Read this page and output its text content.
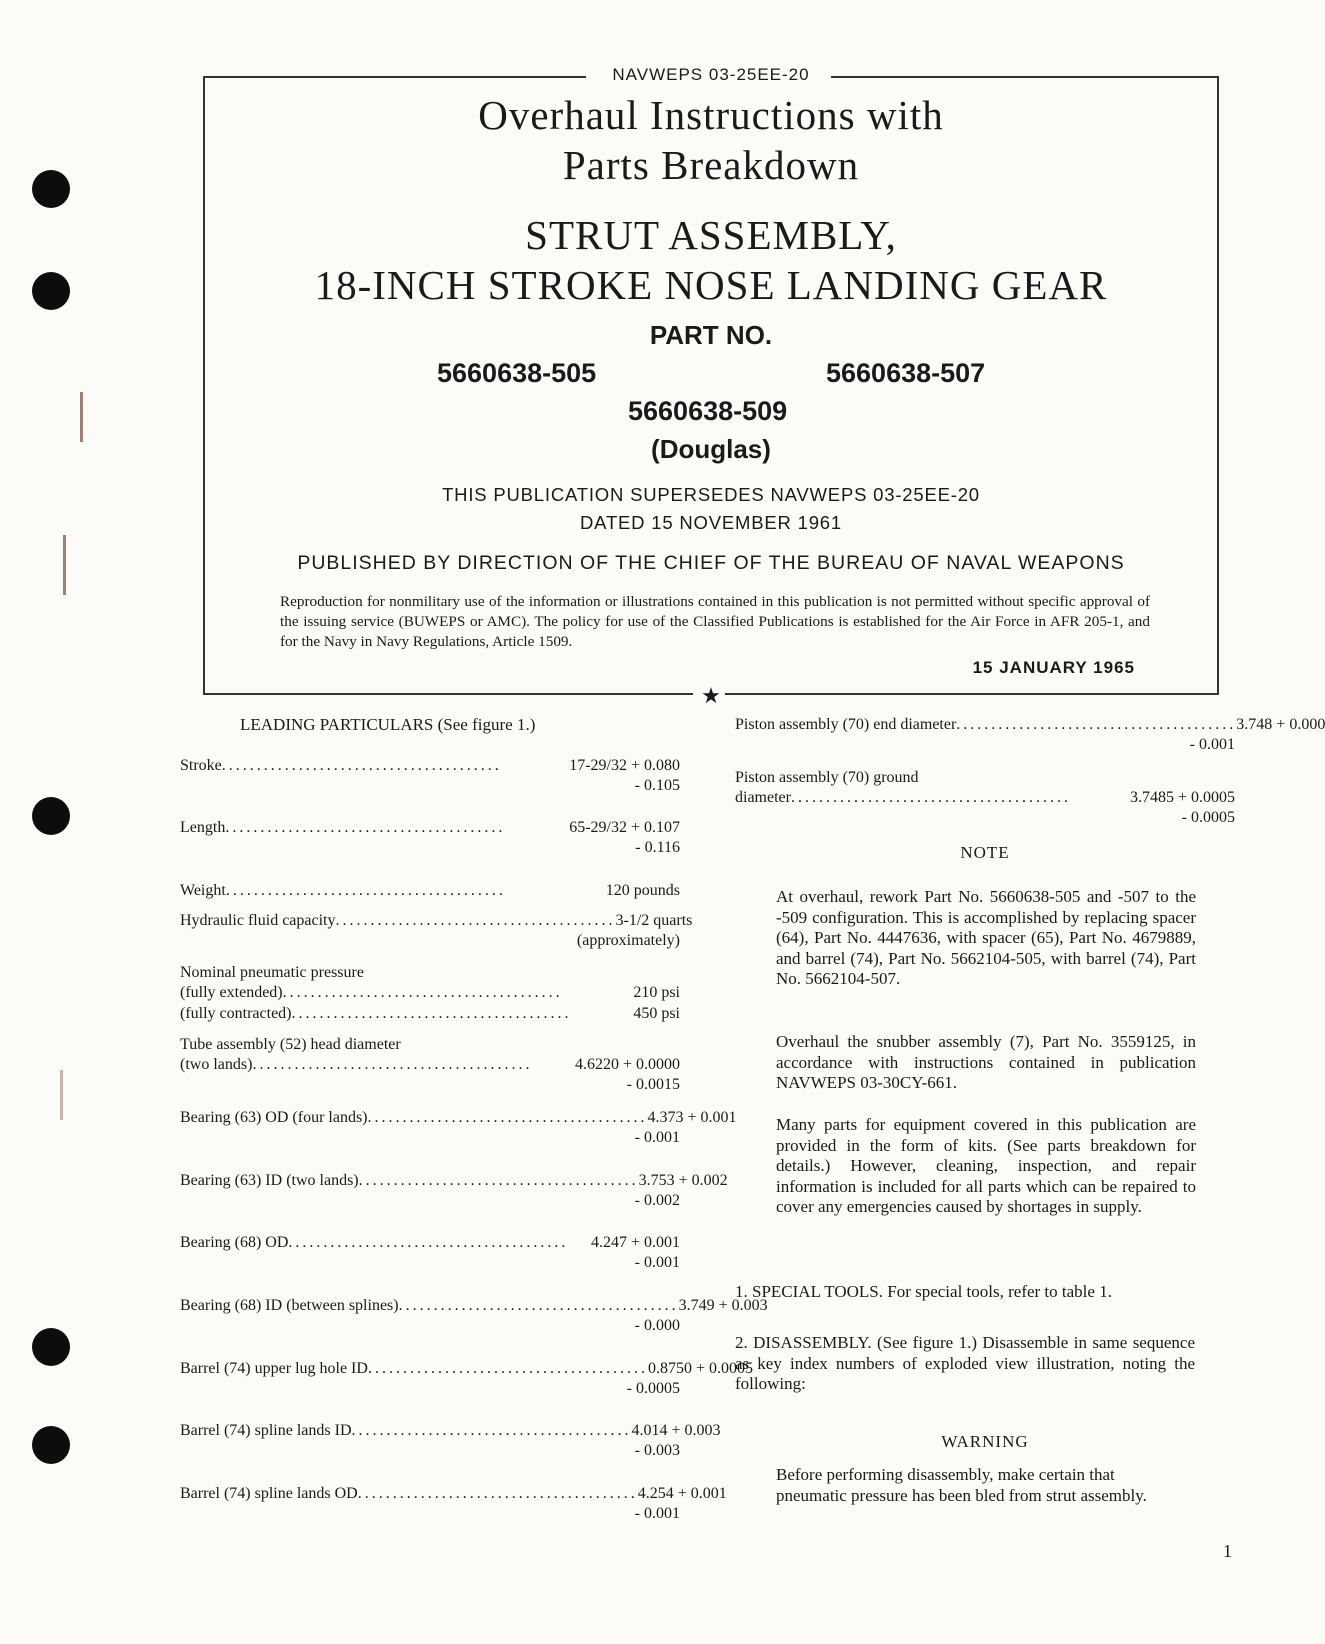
NAVWEPS 03-25EE-20
Overhaul Instructions with
Parts Breakdown
STRUT ASSEMBLY,
18-INCH STROKE NOSE LANDING GEAR
PART NO.
5660638-505	5660638-507
5660638-509
(Douglas)
THIS PUBLICATION SUPERSEDES NAVWEPS 03-25EE-20
DATED 15 NOVEMBER 1961
PUBLISHED BY DIRECTION OF THE CHIEF OF THE BUREAU OF NAVAL WEAPONS
Reproduction for nonmilitary use of the information or illustrations contained in this publication is not permitted without specific approval of the issuing service (BUWEPS or AMC). The policy for use of the Classified Publications is established for the Air Force in AFR 205-1, and for the Navy in Navy Regulations, Article 1509.
15 JANUARY 1965
★
LEADING PARTICULARS (See figure 1.)
Stroke ........................................	17-29/32 + 0.080
- 0.105
Length ........................................	65-29/32 + 0.107
- 0.116
Weight ........................................	120 pounds
Hydraulic fluid capacity ........................................ 3-1/2 quarts
(approximately)
Nominal pneumatic pressure
(fully extended) ........................................	210 psi
(fully contracted) ........................................	450 psi
Tube assembly (52) head diameter
(two lands) ........................................	4.6220 + 0.0000
- 0.0015
Bearing (63) OD (four lands) ........................................ 4.373 + 0.001
- 0.001
Bearing (63) ID (two lands) ........................................ 3.753 + 0.002
- 0.002
Bearing (68) OD ........................................	4.247 + 0.001
- 0.001
Bearing (68) ID (between splines) ........................................ 3.749 + 0.003
- 0.000
Barrel (74) upper lug hole ID ........................................ 0.8750 + 0.0005
- 0.0005
Barrel (74) spline lands ID ........................................ 4.014 + 0.003
- 0.003
Barrel (74) spline lands OD ........................................ 4.254 + 0.001
- 0.001
Piston assembly (70) end diameter ........................................ 3.748 + 0.000
- 0.001
Piston assembly (70) ground
diameter ........................................	3.7485 + 0.0005
- 0.0005
NOTE
At overhaul, rework Part No. 5660638-505 and -507 to the -509 configuration. This is accomplished by replacing spacer (64), Part No. 4447636, with spacer (65), Part No. 4679889, and barrel (74), Part No. 5662104-505, with barrel (74), Part No. 5662104-507.
Overhaul the snubber assembly (7), Part No. 3559125, in accordance with instructions contained in publication NAVWEPS 03-30CY-661.
Many parts for equipment covered in this publication are provided in the form of kits. (See parts breakdown for details.) However, cleaning, inspection, and repair information is included for all parts which can be repaired to cover any emergencies caused by shortages in supply.
1. SPECIAL TOOLS. For special tools, refer to table 1.
2. DISASSEMBLY. (See figure 1.) Disassemble in same sequence as key index numbers of exploded view illustration, noting the following:
WARNING
Before performing disassembly, make certain that pneumatic pressure has been bled from strut assembly.
1
